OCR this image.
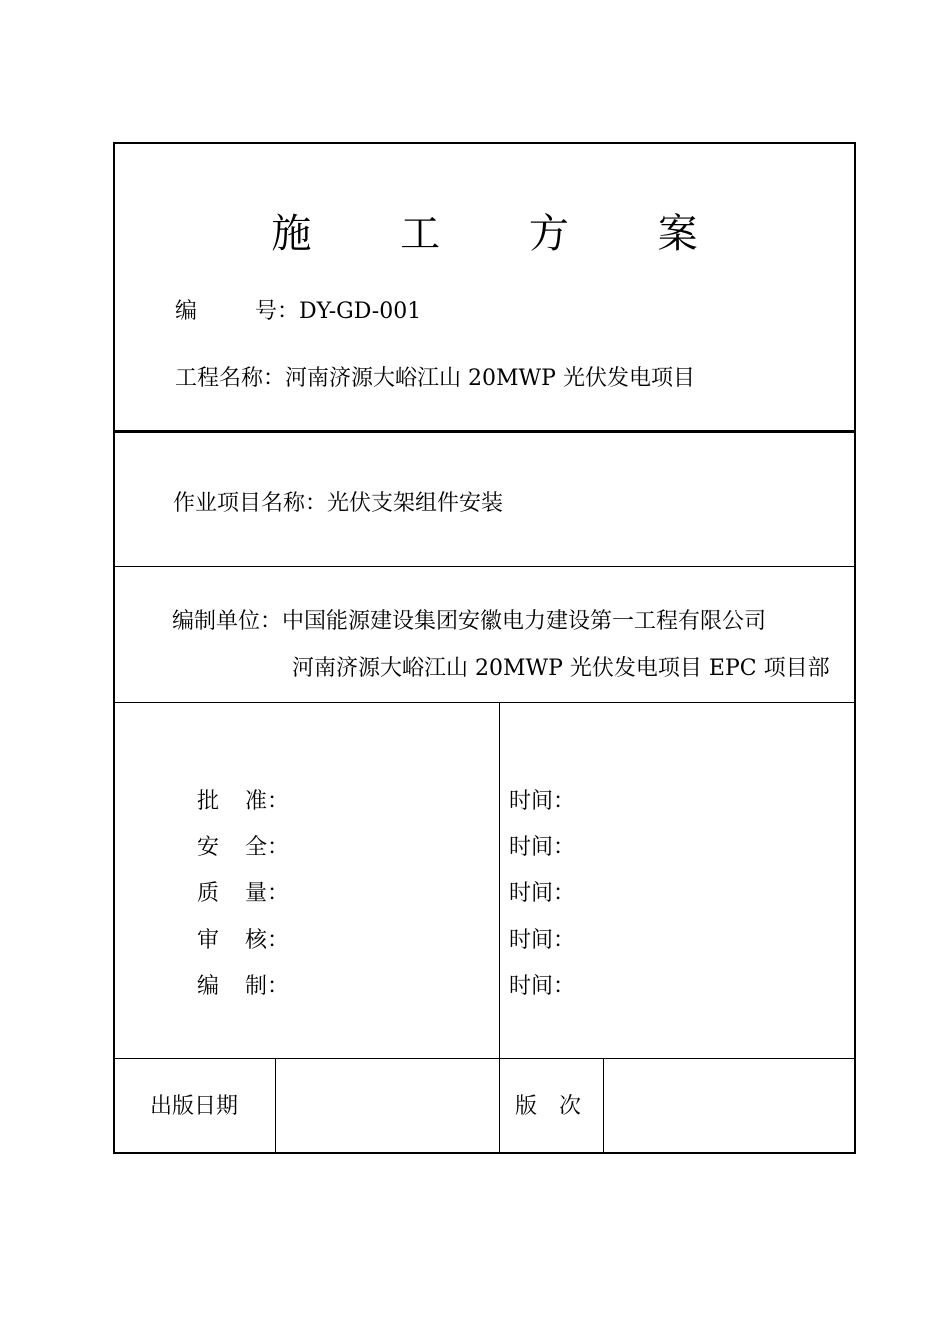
施 工 方 案
编	号：DY-GD-001
工程名称：河南济源大峪江山 20MWP 光伏发电项目
作业项目名称：光伏支架组件安装
编制单位：中国能源建设集团安徽电力建设第一工程有限公司
河南济源大峪江山 20MWP 光伏发电项目 EPC 项目部
批 准：
安 全：
质 量：
审 核：
编 制：
时间：
时间：
时间：
时间：
时间：
出版日期	版　次
